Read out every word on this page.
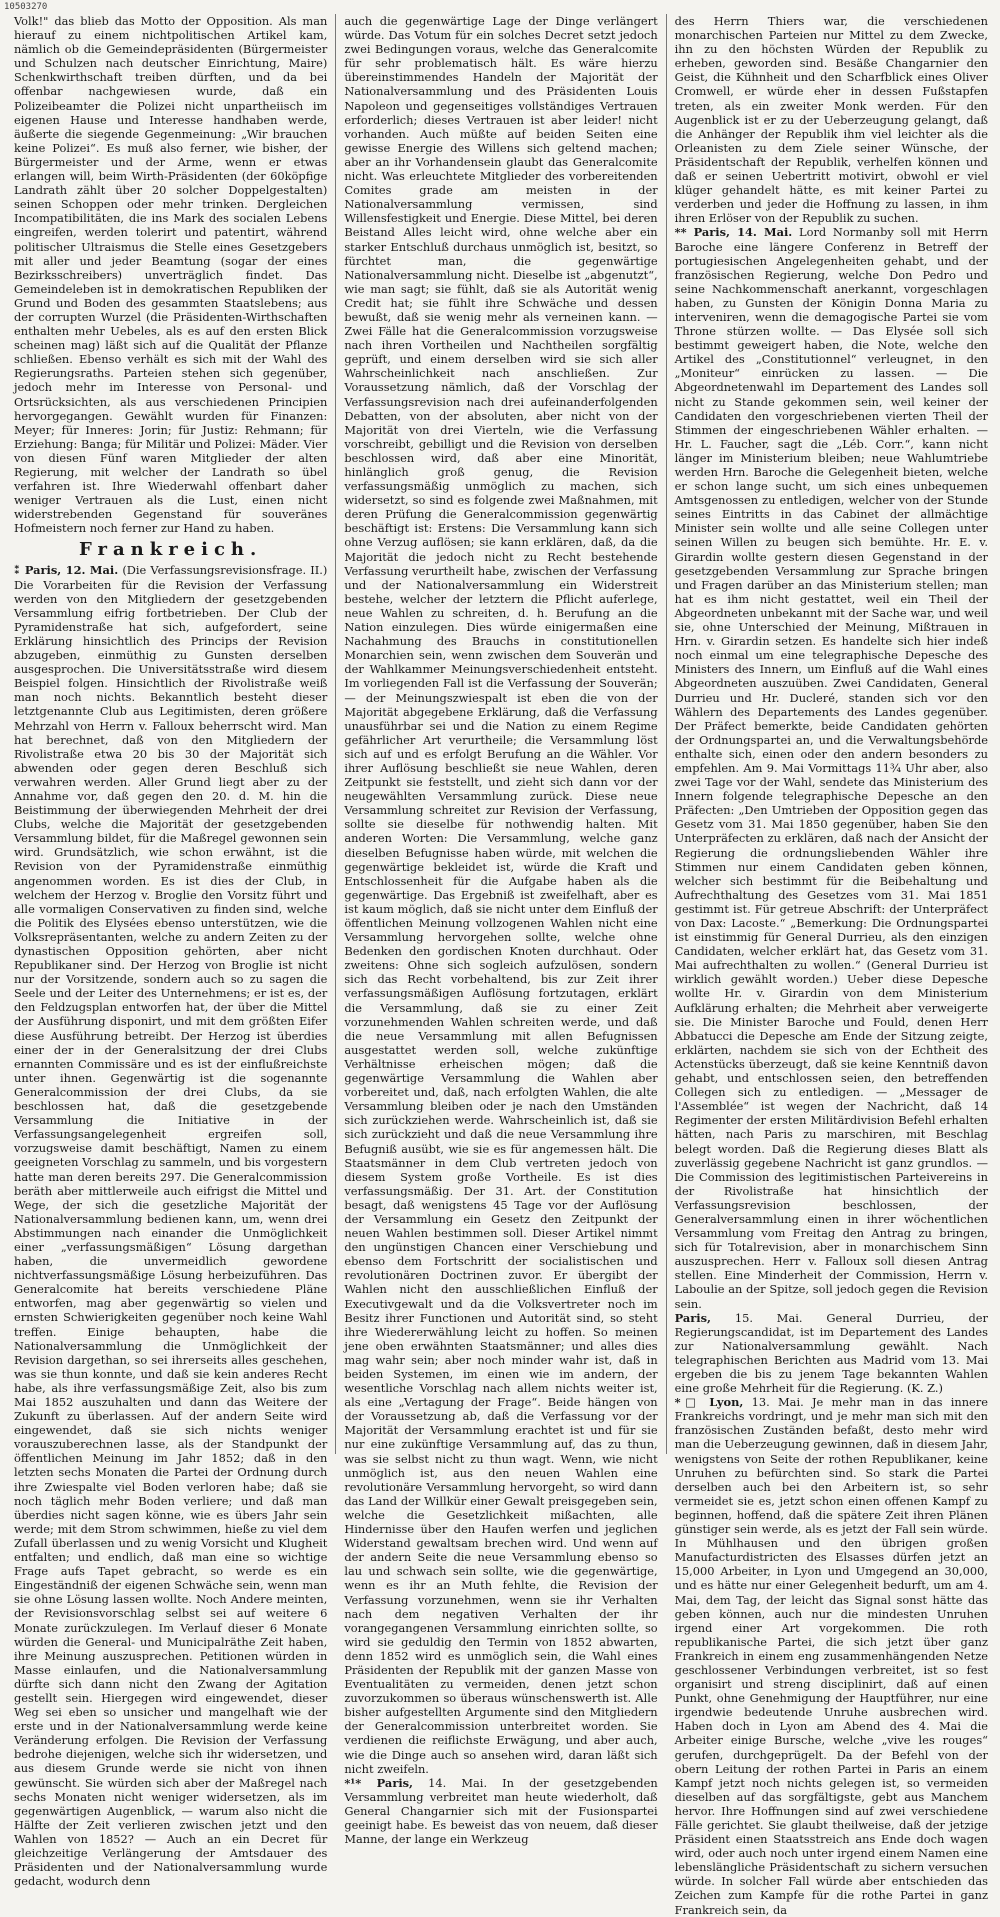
10503270

Volk!" das blieb das Motto der Opposition. Als man hierauf zu einem nichtpolitischen Artikel kam, nämlich ob die Gemeindepräsidenten (Bürgermeister und Schulzen nach deutscher Einrichtung, Maire) Schenkwirthschaft treiben dürften, und da bei offenbar nachgewiesen wurde, daß ein Polizeibeamter die Polizei nicht unpartheiisch im eigenen Hause und Interesse handhaben werde, äußerte die siegende Gegenmeinung: „Wir brauchen keine Polizei“. Es muß also ferner, wie bisher, der Bürgermeister und der Arme, wenn er etwas erlangen will, beim Wirth-Präsidenten (der 60köpfige Landrath zählt über 20 solcher Doppelgestalten) seinen Schoppen oder mehr trinken. Dergleichen Incompatibilitäten, die ins Mark des socialen Lebens eingreifen, werden tolerirt und patentirt, während politischer Ultraismus die Stelle eines Gesetzgebers mit aller und jeder Beamtung (sogar der eines Bezirksschreibers) unverträglich findet. Das Gemeindeleben ist in demokratischen Republiken der Grund und Boden des gesammten Staatslebens; aus der corrupten Wurzel (die Präsidenten-Wirthschaften enthalten mehr Uebeles, als es auf den ersten Blick scheinen mag) läßt sich auf die Qualität der Pflanze schließen. Ebenso verhält es sich mit der Wahl des Regierungsraths. Parteien stehen sich gegenüber, jedoch mehr im Interesse von Personal- und Ortsrücksichten, als aus verschiedenen Principien hervorgegangen. Gewählt wurden für Finanzen: Meyer; für Inneres: Jorin; für Justiz: Rehmann; für Erziehung: Banga; für Militär und Polizei: Mäder. Vier von diesen Fünf waren Mitglieder der alten Regierung, mit welcher der Landrath so übel verfahren ist. Ihre Wiederwahl offenbart daher weniger Vertrauen als die Lust, einen nicht widerstrebenden Gegenstand für souveränes Hofmeistern noch ferner zur Hand zu haben.

Frankreich.

⁑ Paris, 12. Mai. (Die Verfassungsrevisionsfrage. II.) Die Vorarbeiten für die Revision der Verfassung werden von den Mitgliedern der gesetzgebenden Versammlung eifrig fortbetrieben. Der Club der Pyramidenstraße hat sich, aufgefordert, seine Erklärung hinsichtlich des Princips der Revision abzugeben, einmüthig zu Gunsten derselben ausgesprochen. Die Universitätsstraße wird diesem Beispiel folgen. Hinsichtlich der Rivolistraße weiß man noch nichts. Bekanntlich besteht dieser letztgenannte Club aus Legitimisten, deren größere Mehrzahl von Herrn v. Falloux beherrscht wird. Man hat berechnet, daß von den Mitgliedern der Rivolistraße etwa 20 bis 30 der Majorität sich abwenden oder gegen deren Beschluß sich verwahren werden. Aller Grund liegt aber zu der Annahme vor, daß gegen den 20. d. M. hin die Beistimmung der überwiegenden Mehrheit der drei Clubs, welche die Majorität der gesetzgebenden Versammlung bildet, für die Maßregel gewonnen sein wird. Grundsätzlich, wie schon erwähnt, ist die Revision von der Pyramidenstraße einmüthig angenommen worden. Es ist dies der Club, in welchem der Herzog v. Broglie den Vorsitz führt und alle vormaligen Conservativen zu finden sind, welche die Politik des Elysées ebenso unterstützen, wie die Volksrepräsentanten, welche zu andern Zeiten zu der dynastischen Opposition gehörten, aber nicht Republikaner sind. Der Herzog von Broglie ist nicht nur der Vorsitzende, sondern auch so zu sagen die Seele und der Leiter des Unternehmens; er ist es, der den Feldzugsplan entworfen hat, der über die Mittel der Ausführung disponirt, und mit dem größten Eifer diese Ausführung betreibt. Der Herzog ist überdies einer der in der Generalsitzung der drei Clubs ernannten Commissäre und es ist der einflußreichste unter ihnen. Gegenwärtig ist die sogenannte Generalcommission der drei Clubs, da sie beschlossen hat, daß die gesetzgebende Versammlung die Initiative in der Verfassungsangelegenheit ergreifen soll, vorzugsweise damit beschäftigt, Namen zu einem geeigneten Vorschlag zu sammeln, und bis vorgestern hatte man deren bereits 297. Die Generalcommission beräth aber mittlerweile auch eifrigst die Mittel und Wege, der sich die gesetzliche Majorität der Nationalversammlung bedienen kann, um, wenn drei Abstimmungen nach einander die Unmöglichkeit einer „verfassungsmäßigen“ Lösung dargethan haben, die unvermeidlich gewordene nichtverfassungsmäßige Lösung herbeizuführen. Das Generalcomite hat bereits verschiedene Pläne entworfen, mag aber gegenwärtig so vielen und ernsten Schwierigkeiten gegenüber noch keine Wahl treffen. Einige behaupten, habe die Nationalversammlung die Unmöglichkeit der Revision dargethan, so sei ihrerseits alles geschehen, was sie thun konnte, und daß sie kein anderes Recht habe, als ihre verfassungsmäßige Zeit, also bis zum Mai 1852 auszuhalten und dann das Weitere der Zukunft zu überlassen. Auf der andern Seite wird eingewendet, daß sie sich nichts weniger vorauszuberechnen lasse, als der Standpunkt der öffentlichen Meinung im Jahr 1852; daß in den letzten sechs Monaten die Partei der Ordnung durch ihre Zwiespalte viel Boden verloren habe; daß sie noch täglich mehr Boden verliere; und daß man überdies nicht sagen könne, wie es übers Jahr sein werde; mit dem Strom schwimmen, hieße zu viel dem Zufall überlassen und zu wenig Vorsicht und Klugheit entfalten; und endlich, daß man eine so wichtige Frage aufs Tapet gebracht, so werde es ein Eingeständniß der eigenen Schwäche sein, wenn man sie ohne Lösung lassen wollte. Noch Andere meinten, der Revisionsvorschlag selbst sei auf weitere 6 Monate zurückzulegen. Im Verlauf dieser 6 Monate würden die General- und Municipalräthe Zeit haben, ihre Meinung auszusprechen. Petitionen würden in Masse einlaufen, und die Nationalversammlung dürfte sich dann nicht den Zwang der Agitation gestellt sein. Hiergegen wird eingewendet, dieser Weg sei eben so unsicher und mangelhaft wie der erste und in der Nationalversammlung werde keine Veränderung erfolgen. Die Revision der Verfassung bedrohe diejenigen, welche sich ihr widersetzen, und aus diesem Grunde werde sie nicht von ihnen gewünscht. Sie würden sich aber der Maßregel nach sechs Monaten nicht weniger widersetzen, als im gegenwärtigen Augenblick, — warum also nicht die Hälfte der Zeit verlieren zwischen jetzt und den Wahlen von 1852? — Auch an ein Decret für gleichzeitige Verlängerung der Amtsdauer des Präsidenten und der Nationalversammlung wurde gedacht, wodurch denn

auch die gegenwärtige Lage der Dinge verlängert würde. Das Votum für ein solches Decret setzt jedoch zwei Bedingungen voraus, welche das Generalcomite für sehr problematisch hält. Es wäre hierzu übereinstimmendes Handeln der Majorität der Nationalversammlung und des Präsidenten Louis Napoleon und gegenseitiges vollständiges Vertrauen erforderlich; dieses Vertrauen ist aber leider! nicht vorhanden. Auch müßte auf beiden Seiten eine gewisse Energie des Willens sich geltend machen; aber an ihr Vorhandensein glaubt das Generalcomite nicht. Was erleuchtete Mitglieder des vorbereitenden Comites grade am meisten in der Nationalversammlung vermissen, sind Willensfestigkeit und Energie. Diese Mittel, bei deren Beistand Alles leicht wird, ohne welche aber ein starker Entschluß durchaus unmöglich ist, besitzt, so fürchtet man, die gegenwärtige Nationalversammlung nicht. Dieselbe ist „abgenutzt“, wie man sagt; sie fühlt, daß sie als Autorität wenig Credit hat; sie fühlt ihre Schwäche und dessen bewußt, daß sie wenig mehr als verneinen kann. — Zwei Fälle hat die Generalcommission vorzugsweise nach ihren Vortheilen und Nachtheilen sorgfältig geprüft, und einem derselben wird sie sich aller Wahrscheinlichkeit nach anschließen. Zur Voraussetzung nämlich, daß der Vorschlag der Verfassungsrevision nach drei aufeinanderfolgenden Debatten, von der absoluten, aber nicht von der Majorität von drei Vierteln, wie die Verfassung vorschreibt, gebilligt und die Revision von derselben beschlossen wird, daß aber eine Minorität, hinlänglich groß genug, die Revision verfassungsmäßig unmöglich zu machen, sich widersetzt, so sind es folgende zwei Maßnahmen, mit deren Prüfung die Generalcommission gegenwärtig beschäftigt ist: Erstens: Die Versammlung kann sich ohne Verzug auflösen; sie kann erklären, daß, da die Majorität die jedoch nicht zu Recht bestehende Verfassung verurtheilt habe, zwischen der Verfassung und der Nationalversammlung ein Widerstreit bestehe, welcher der letztern die Pflicht auferlege, neue Wahlen zu schreiten, d. h. Berufung an die Nation einzulegen. Dies würde einigermaßen eine Nachahmung des Brauchs in constitutionellen Monarchien sein, wenn zwischen dem Souverän und der Wahlkammer Meinungsverschiedenheit entsteht. Im vorliegenden Fall ist die Verfassung der Souverän; — der Meinungszwiespalt ist eben die von der Majorität abgegebene Erklärung, daß die Verfassung unausführbar sei und die Nation zu einem Regime gefährlicher Art verurtheile; die Versammlung löst sich auf und es erfolgt Berufung an die Wähler. Vor ihrer Auflösung beschließt sie neue Wahlen, deren Zeitpunkt sie feststellt, und zieht sich dann vor der neugewählten Versammlung zurück. Diese neue Versammlung schreitet zur Revision der Verfassung, sollte sie dieselbe für nothwendig halten. Mit anderen Worten: Die Versammlung, welche ganz dieselben Befugnisse haben würde, mit welchen die gegenwärtige bekleidet ist, würde die Kraft und Entschlossenheit für die Aufgabe haben als die gegenwärtige. Das Ergebniß ist zweifelhaft, aber es ist kaum möglich, daß sie nicht unter dem Einfluß der öffentlichen Meinung vollzogenen Wahlen nicht eine Versammlung hervorgehen sollte, welche ohne Bedenken den gordischen Knoten durchhaut. Oder zweitens: Ohne sich sogleich aufzulösen, sondern sich das Recht vorbehaltend, bis zur Zeit ihrer verfassungsmäßigen Auflösung fortzutagen, erklärt die Versammlung, daß sie zu einer Zeit vorzunehmenden Wahlen schreiten werde, und daß die neue Versammlung mit allen Befugnissen ausgestattet werden soll, welche zukünftige Verhältnisse erheischen mögen; daß die gegenwärtige Versammlung die Wahlen aber vorbereitet und, daß, nach erfolgten Wahlen, die alte Versammlung bleiben oder je nach den Umständen sich zurückziehen werde. Wahrscheinlich ist, daß sie sich zurückzieht und daß die neue Versammlung ihre Befugniß ausübt, wie sie es für angemessen hält. Die Staatsmänner in dem Club vertreten jedoch von diesem System große Vortheile. Es ist dies verfassungsmäßig. Der 31. Art. der Constitution besagt, daß wenigstens 45 Tage vor der Auflösung der Versammlung ein Gesetz den Zeitpunkt der neuen Wahlen bestimmen soll. Dieser Artikel nimmt den ungünstigen Chancen einer Verschiebung und ebenso dem Fortschritt der socialistischen und revolutionären Doctrinen zuvor. Er übergibt der Wahlen nicht den ausschließlichen Einfluß der Executivgewalt und da die Volksvertreter noch im Besitz ihrer Functionen und Autorität sind, so steht ihre Wiedererwählung leicht zu hoffen. So meinen jene oben erwähnten Staatsmänner; und alles dies mag wahr sein; aber noch minder wahr ist, daß in beiden Systemen, im einen wie im andern, der wesentliche Vorschlag nach allem nichts weiter ist, als eine „Vertagung der Frage“. Beide hängen von der Voraussetzung ab, daß die Verfassung vor der Majorität der Versammlung erachtet ist und für sie nur eine zukünftige Versammlung auf, das zu thun, was sie selbst nicht zu thun wagt. Wenn, wie nicht unmöglich ist, aus den neuen Wahlen eine revolutionäre Versammlung hervorgeht, so wird dann das Land der Willkür einer Gewalt preisgegeben sein, welche die Gesetzlichkeit mißachten, alle Hindernisse über den Haufen werfen und jeglichen Widerstand gewaltsam brechen wird. Und wenn auf der andern Seite die neue Versammlung ebenso so lau und schwach sein sollte, wie die gegenwärtige, wenn es ihr an Muth fehlte, die Revision der Verfassung vorzunehmen, wenn sie ihr Verhalten nach dem negativen Verhalten der ihr vorangegangenen Versammlung einrichten sollte, so wird sie geduldig den Termin von 1852 abwarten, denn 1852 wird es unmöglich sein, die Wahl eines Präsidenten der Republik mit der ganzen Masse von Eventualitäten zu vermeiden, denen jetzt schon zuvorzukommen so überaus wünschenswerth ist. Alle bisher aufgestellten Argumente sind den Mitgliedern der Generalcommission unterbreitet worden. Sie verdienen die reiflichste Erwägung, und aber auch, wie die Dinge auch so ansehen wird, daran läßt sich nicht zweifeln.

*¹* Paris, 14. Mai. In der gesetzgebenden Versammlung verbreitet man heute wiederholt, daß General Changarnier sich mit der Fusionspartei geeinigt habe. Es beweist das von neuem, daß dieser Manne, der lange ein Werkzeug

des Herrn Thiers war, die verschiedenen monarchischen Parteien nur Mittel zu dem Zwecke, ihn zu den höchsten Würden der Republik zu erheben, geworden sind. Besäße Changarnier den Geist, die Kühnheit und den Scharfblick eines Oliver Cromwell, er würde eher in dessen Fußstapfen treten, als ein zweiter Monk werden. Für den Augenblick ist er zu der Ueberzeugung gelangt, daß die Anhänger der Republik ihm viel leichter als die Orleanisten zu dem Ziele seiner Wünsche, der Präsidentschaft der Republik, verhelfen können und daß er seinen Uebertritt motivirt, obwohl er viel klüger gehandelt hätte, es mit keiner Partei zu verderben und jeder die Hoffnung zu lassen, in ihm ihren Erlöser von der Republik zu suchen.

** Paris, 14. Mai. Lord Normanby soll mit Herrn Baroche eine längere Conferenz in Betreff der portugiesischen Angelegenheiten gehabt, und der französischen Regierung, welche Don Pedro und seine Nachkommenschaft anerkannt, vorgeschlagen haben, zu Gunsten der Königin Donna Maria zu interveniren, wenn die demagogische Partei sie vom Throne stürzen wollte. — Das Elysée soll sich bestimmt geweigert haben, die Note, welche den Artikel des „Constitutionnel“ verleugnet, in den „Moniteur“ einrücken zu lassen. — Die Abgeordnetenwahl im Departement des Landes soll nicht zu Stande gekommen sein, weil keiner der Candidaten den vorgeschriebenen vierten Theil der Stimmen der eingeschriebenen Wähler erhalten. — Hr. L. Faucher, sagt die „Léb. Corr.“, kann nicht länger im Ministerium bleiben; neue Wahlumtriebe werden Hrn. Baroche die Gelegenheit bieten, welche er schon lange sucht, um sich eines unbequemen Amtsgenossen zu entledigen, welcher von der Stunde seines Eintritts in das Cabinet der allmächtige Minister sein wollte und alle seine Collegen unter seinen Willen zu beugen sich bemühte. Hr. E. v. Girardin wollte gestern diesen Gegenstand in der gesetzgebenden Versammlung zur Sprache bringen und Fragen darüber an das Ministerium stellen; man hat es ihm nicht gestattet, weil ein Theil der Abgeordneten unbekannt mit der Sache war, und weil sie, ohne Unterschied der Meinung, Mißtrauen in Hrn. v. Girardin setzen. Es handelte sich hier indeß noch einmal um eine telegraphische Depesche des Ministers des Innern, um Einfluß auf die Wahl eines Abgeordneten auszuüben. Zwei Candidaten, General Durrieu und Hr. Ducleré, standen sich vor den Wählern des Departements des Landes gegenüber. Der Präfect bemerkte, beide Candidaten gehörten der Ordnungspartei an, und die Verwaltungsbehörde enthalte sich, einen oder den andern besonders zu empfehlen. Am 9. Mai Vormittags 11¾ Uhr aber, also zwei Tage vor der Wahl, sendete das Ministerium des Innern folgende telegraphische Depesche an den Präfecten: „Den Umtrieben der Opposition gegen das Gesetz vom 31. Mai 1850 gegenüber, haben Sie den Unterpräfecten zu erklären, daß nach der Ansicht der Regierung die ordnungsliebenden Wähler ihre Stimmen nur einem Candidaten geben können, welcher sich bestimmt für die Beibehaltung und Aufrechthaltung des Gesetzes vom 31. Mai 1851 gestimmt ist. Für getreue Abschrift: der Unterpräfect von Dax: Lacoste.“ „Bemerkung: Die Ordnungspartei ist einstimmig für General Durrieu, als den einzigen Candidaten, welcher erklärt hat, das Gesetz vom 31. Mai aufrechthalten zu wollen.“ (General Durrieu ist wirklich gewählt worden.) Ueber diese Depesche wollte Hr. v. Girardin von dem Ministerium Aufklärung erhalten; die Mehrheit aber verweigerte sie. Die Minister Baroche und Fould, denen Herr Abbatucci die Depesche am Ende der Sitzung zeigte, erklärten, nachdem sie sich von der Echtheit des Actenstücks überzeugt, daß sie keine Kenntniß davon gehabt, und entschlossen seien, den betreffenden Collegen sich zu entledigen. — „Messager de l'Assemblée“ ist wegen der Nachricht, daß 14 Regimenter der ersten Militärdivision Befehl erhalten hätten, nach Paris zu marschiren, mit Beschlag belegt worden. Daß die Regierung dieses Blatt als zuverlässig gegebene Nachricht ist ganz grundlos. — Die Commission des legitimistischen Parteivereins in der Rivolistraße hat hinsichtlich der Verfassungsrevision beschlossen, der Generalversammlung einen in ihrer wöchentlichen Versammlung vom Freitag den Antrag zu bringen, sich für Totalrevision, aber in monarchischem Sinn auszusprechen. Herr v. Falloux soll diesen Antrag stellen. Eine Minderheit der Commission, Herrn v. Laboulie an der Spitze, soll jedoch gegen die Revision sein.

Paris, 15. Mai. General Durrieu, der Regierungscandidat, ist im Departement des Landes zur Nationalversammlung gewählt. Nach telegraphischen Berichten aus Madrid vom 13. Mai ergeben die bis zu jenem Tage bekannten Wahlen eine große Mehrheit für die Regierung. (K. Z.)

*□ Lyon, 13. Mai. Je mehr man in das innere Frankreichs vordringt, und je mehr man sich mit den französischen Zuständen befaßt, desto mehr wird man die Ueberzeugung gewinnen, daß in diesem Jahr, wenigstens von Seite der rothen Republikaner, keine Unruhen zu befürchten sind. So stark die Partei derselben auch bei den Arbeitern ist, so sehr vermeidet sie es, jetzt schon einen offenen Kampf zu beginnen, hoffend, daß die spätere Zeit ihren Plänen günstiger sein werde, als es jetzt der Fall sein würde. In Mühlhausen und den übrigen großen Manufacturdistricten des Elsasses dürfen jetzt an 15,000 Arbeiter, in Lyon und Umgegend an 30,000, und es hätte nur einer Gelegenheit bedurft, um am 4. Mai, dem Tag, der leicht das Signal sonst hätte das geben können, auch nur die mindesten Unruhen irgend einer Art vorgekommen. Die roth republikanische Partei, die sich jetzt über ganz Frankreich in einem eng zusammenhängenden Netze geschlossener Verbindungen verbreitet, ist so fest organisirt und streng disciplinirt, daß auf einen Punkt, ohne Genehmigung der Hauptführer, nur eine irgendwie bedeutende Unruhe ausbrechen wird. Haben doch in Lyon am Abend des 4. Mai die Arbeiter einige Bursche, welche „vive les rouges“ gerufen, durchgeprügelt. Da der Befehl von der obern Leitung der rothen Partei in Paris an einem Kampf jetzt noch nichts gelegen ist, so vermeiden dieselben auf das sorgfältigste, gebt aus Manchem hervor. Ihre Hoffnungen sind auf zwei verschiedene Fälle gerichtet. Sie glaubt theilweise, daß der jetzige Präsident einen Staatsstreich ans Ende doch wagen wird, oder auch noch unter irgend einem Namen eine lebenslängliche Präsidentschaft zu sichern versuchen würde. In solcher Fall würde aber entschieden das Zeichen zum Kampfe für die rothe Partei in ganz Frankreich sein, da
